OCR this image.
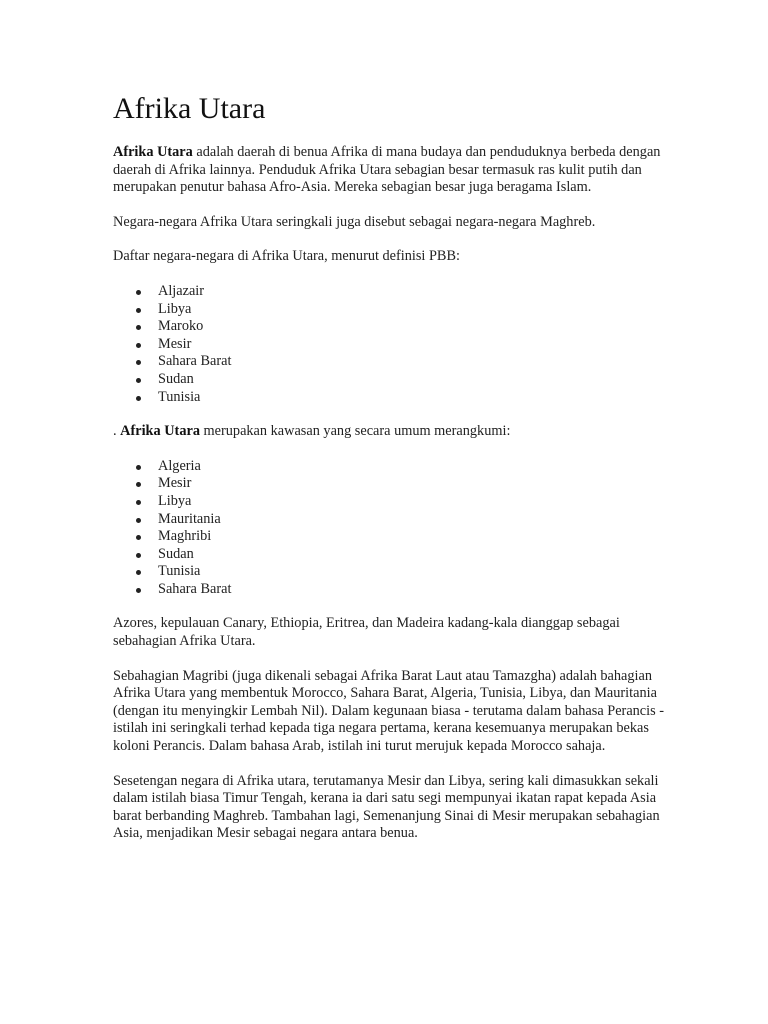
Afrika Utara

Afrika Utara adalah daerah di benua Afrika di mana budaya dan penduduknya berbeda dengan daerah di Afrika lainnya. Penduduk Afrika Utara sebagian besar termasuk ras kulit putih dan merupakan penutur bahasa Afro-Asia. Mereka sebagian besar juga beragama Islam.

Negara-negara Afrika Utara seringkali juga disebut sebagai negara-negara Maghreb.

Daftar negara-negara di Afrika Utara, menurut definisi PBB:

Aljazair
Libya
Maroko
Mesir
Sahara Barat
Sudan
Tunisia

. Afrika Utara merupakan kawasan yang secara umum merangkumi:

Algeria
Mesir
Libya
Mauritania
Maghribi
Sudan
Tunisia
Sahara Barat

Azores, kepulauan Canary, Ethiopia, Eritrea, dan Madeira kadang-kala dianggap sebagai sebahagian Afrika Utara.

Sebahagian Magribi (juga dikenali sebagai Afrika Barat Laut atau Tamazgha) adalah bahagian Afrika Utara yang membentuk Morocco, Sahara Barat, Algeria, Tunisia, Libya, dan Mauritania (dengan itu menyingkir Lembah Nil). Dalam kegunaan biasa - terutama dalam bahasa Perancis - istilah ini seringkali terhad kepada tiga negara pertama, kerana kesemuanya merupakan bekas koloni Perancis. Dalam bahasa Arab, istilah ini turut merujuk kepada Morocco sahaja.

Sesetengan negara di Afrika utara, terutamanya Mesir dan Libya, sering kali dimasukkan sekali dalam istilah biasa Timur Tengah, kerana ia dari satu segi mempunyai ikatan rapat kepada Asia barat berbanding Maghreb. Tambahan lagi, Semenanjung Sinai di Mesir merupakan sebahagian Asia, menjadikan Mesir sebagai negara antara benua.
